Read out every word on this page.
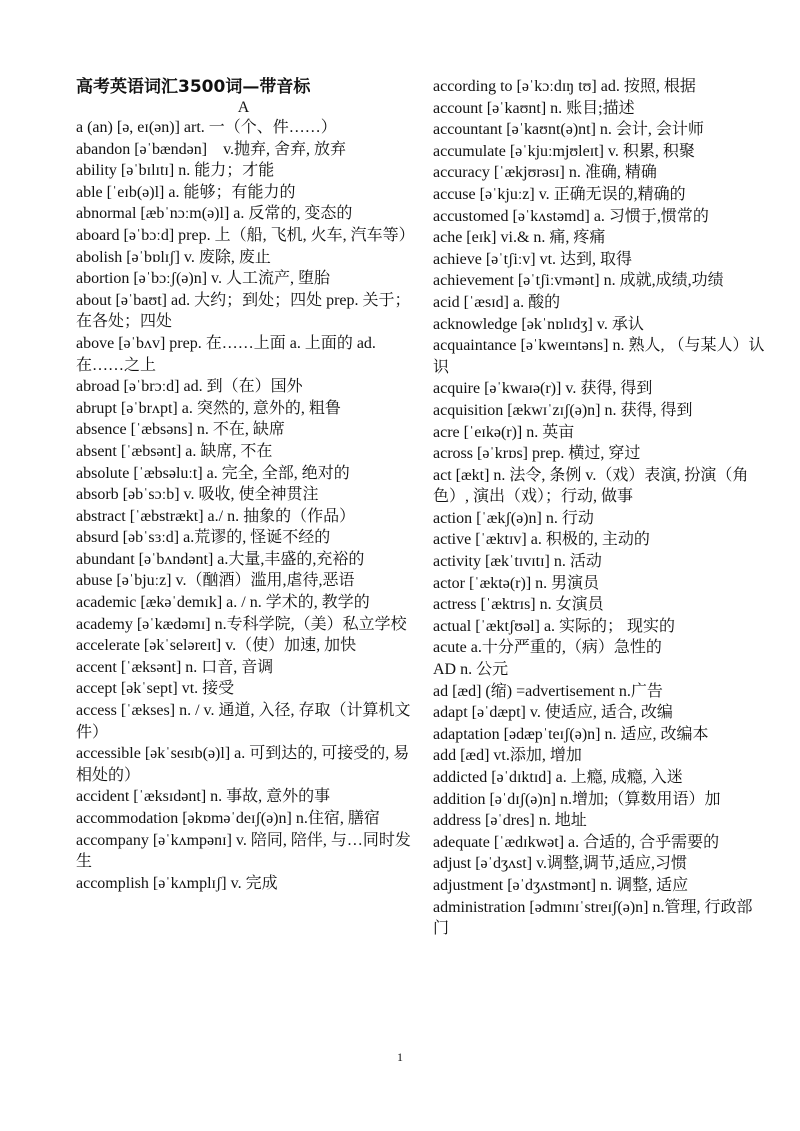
高考英语词汇3500词—带音标

A

a (an) [ə, eɪ(ən)] art. 一（个、件……）

abandon [əˈbændən]　v.抛弃, 舍弃, 放弃

ability [əˈbɪlɪtɪ] n. 能力；才能

able [ˈeɪb(ə)l] a. 能够；有能力的

abnormal [æbˈnɔːm(ə)l] a. 反常的, 变态的

aboard [əˈbɔːd] prep. 上（船, 飞机, 火车, 汽车等）

abolish [əˈbɒlɪʃ] v. 废除, 废止

abortion [əˈbɔːʃ(ə)n] v. 人工流产, 堕胎

about [əˈbaʊt] ad. 大约；到处；四处 prep. 关于；在各处；四处

above [əˈbʌv] prep. 在……上面 a. 上面的 ad. 在……之上

abroad [əˈbrɔːd] ad. 到（在）国外

abrupt [əˈbrʌpt] a. 突然的, 意外的, 粗鲁

absence [ˈæbsəns] n. 不在, 缺席

absent [ˈæbsənt] a. 缺席, 不在

absolute [ˈæbsəluːt] a. 完全, 全部, 绝对的

absorb [əbˈsɔːb] v. 吸收, 使全神贯注

abstract [ˈæbstrækt] a./ n. 抽象的（作品）

absurd [əbˈsɜːd] a.荒谬的, 怪诞不经的

abundant [əˈbʌndənt] a.大量,丰盛的,充裕的

abuse [əˈbjuːz] v.（酗酒）滥用,虐待,恶语

academic [ækəˈdemɪk] a. / n. 学术的, 教学的

academy [əˈkædəmɪ] n.专科学院,（美）私立学校

accelerate [əkˈseləreɪt] v.（使）加速, 加快

accent [ˈæksənt] n. 口音, 音调

accept [əkˈsept] vt. 接受

access [ˈækses] n. / v. 通道, 入径, 存取（计算机文件）

accessible [əkˈsesɪb(ə)l] a. 可到达的, 可接受的, 易相处的）

accident [ˈæksɪdənt] n. 事故, 意外的事

accommodation [əkɒməˈdeɪʃ(ə)n] n.住宿, 膳宿

accompany [əˈkʌmpənɪ] v. 陪同, 陪伴, 与…同时发生

accomplish [əˈkʌmplɪʃ] v. 完成

according to [əˈkɔːdɪŋ tʊ] ad. 按照, 根据

account [əˈkaʊnt] n. 账目;描述

accountant [əˈkaʊnt(ə)nt] n. 会计, 会计师

accumulate [əˈkjuːmjʊleɪt] v. 积累, 积聚

accuracy [ˈækjʊrəsɪ] n. 准确, 精确

accuse [əˈkjuːz] v. 正确无误的,精确的

accustomed [əˈkʌstəmd] a. 习惯于,惯常的

ache [eɪk] vi.& n. 痛, 疼痛

achieve [əˈtʃiːv] vt. 达到, 取得

achievement [əˈtʃiːvmənt] n. 成就,成绩,功绩

acid [ˈæsɪd] a. 酸的

acknowledge [əkˈnɒlɪdʒ] v. 承认

acquaintance [əˈkweɪntəns] n. 熟人, （与某人）认识

acquire [əˈkwaɪə(r)] v. 获得, 得到

acquisition [ækwɪˈzɪʃ(ə)n] n. 获得, 得到

acre [ˈeɪkə(r)] n. 英亩

across [əˈkrɒs] prep. 横过, 穿过

act [ækt] n. 法令, 条例 v.（戏）表演, 扮演（角色）, 演出（戏）；行动, 做事

action [ˈækʃ(ə)n] n. 行动

active [ˈæktɪv] a. 积极的, 主动的

activity [ækˈtɪvɪtɪ] n. 活动

actor [ˈæktə(r)] n. 男演员

actress [ˈæktrɪs] n. 女演员

actual [ˈæktʃʊəl] a. 实际的； 现实的

acute a.十分严重的,（病）急性的

AD n. 公元

ad [æd] (缩) =advertisement n.广告

adapt [əˈdæpt] v. 使适应, 适合, 改编

adaptation [ədæpˈteɪʃ(ə)n] n. 适应, 改编本

add [æd] vt.添加, 增加

addicted [əˈdɪktɪd] a. 上瘾, 成瘾, 入迷

addition [əˈdɪʃ(ə)n] n.增加;（算数用语）加

address [əˈdres] n. 地址

adequate [ˈædɪkwət] a. 合适的, 合乎需要的

adjust [əˈdʒʌst] v.调整,调节,适应,习惯

adjustment [əˈdʒʌstmənt] n. 调整, 适应

administration [ədmɪnɪˈstreɪʃ(ə)n] n.管理, 行政部门

1
